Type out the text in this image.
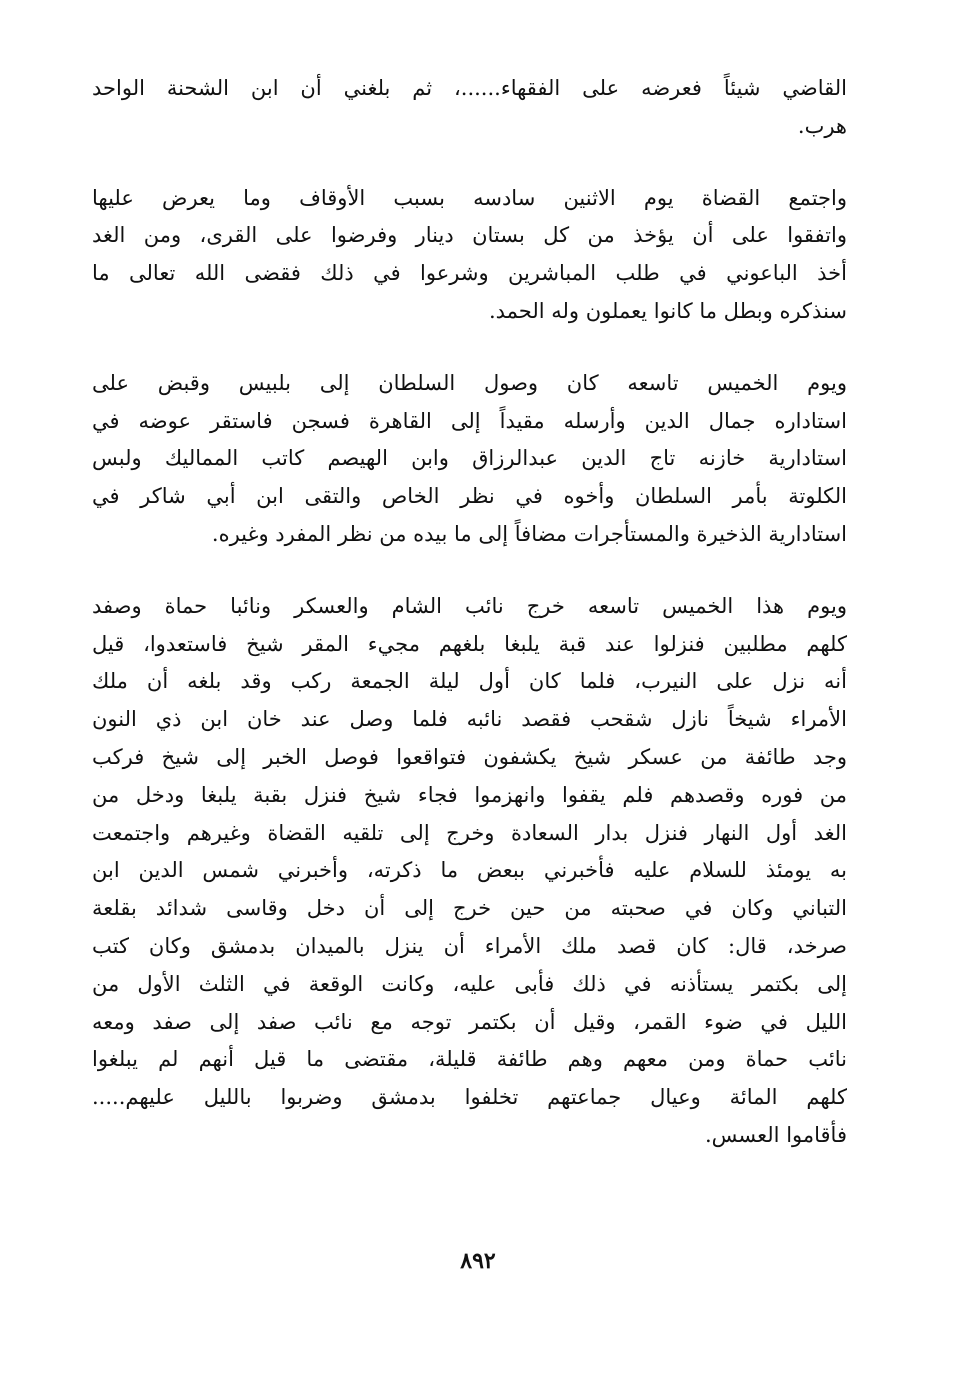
القاضي شيئاً فعرضه على الفقهاء......، ثم بلغني أن ابن الشحنة الواحد
هرب.
واجتمع القضاة يوم الاثنين سادسه بسبب الأوقاف وما يعرض عليها
واتفقوا على أن يؤخذ من كل بستان دينار وفرضوا على القرى، ومن الغد
أخذ الباعوني في طلب المباشرين وشرعوا في ذلك فقضى الله تعالى ما
سنذكره وبطل ما كانوا يعملون وله الحمد.
ويوم الخميس تاسعه كان وصول السلطان إلى بلبيس وقبض على
استاداره جمال الدين وأرسله مقيداً إلى القاهرة فسجن فاستقر عوضه في
استادارية خازنه تاج الدين عبدالرزاق وابن الهيصم كاتب المماليك ولبس
الكلوتة بأمر السلطان وأخوه في نظر الخاص والتقى ابن أبي شاكر في
استادارية الذخيرة والمستأجرات مضافاً إلى ما بيده من نظر المفرد وغيره.
ويوم هذا الخميس تاسعه خرج نائب الشام والعسكر ونائبا حماة وصفد
كلهم مطلبين فنزلوا عند قبة يلبغا بلغهم مجيء المقر شيخ فاستعدوا، قيل
أنه نزل على النيرب، فلما كان أول ليلة الجمعة ركب وقد بلغه أن ملك
الأمراء شيخاً نازل شقحب فقصد نائبه فلما وصل عند خان ابن ذي النون
وجد طائفة من عسكر شيخ يكشفون فتواقعوا فوصل الخبر إلى شيخ فركب
من فوره وقصدهم فلم يقفوا وانهزموا فجاء شيخ فنزل بقبة يلبغا ودخل من
الغد أول النهار فنزل بدار السعادة وخرج إلى تلقيه القضاة وغيرهم واجتمعت
به يومئذ للسلام عليه فأخبرني ببعض ما ذكرته، وأخبرني شمس الدين ابن
التباني وكان في صحبته من حين خرج إلى أن دخل وقاسى شدائد بقلعة
صرخد، قال: كان قصد ملك الأمراء أن ينزل بالميدان بدمشق وكان كتب
إلى بكتمر يستأذنه في ذلك فأبى عليه، وكانت الوقعة في الثلث الأول من
الليل في ضوء القمر، وقيل أن بكتمر توجه مع نائب صفد إلى صفد ومعه
نائب حماة ومن معهم وهم طائفة قليلة، مقتضى ما قيل أنهم لم يبلغوا
كلهم المائة وعيال جماعتهم تخلفوا بدمشق وضربوا بالليل عليهم.....
فأقاموا العسس.
٨٩٢
